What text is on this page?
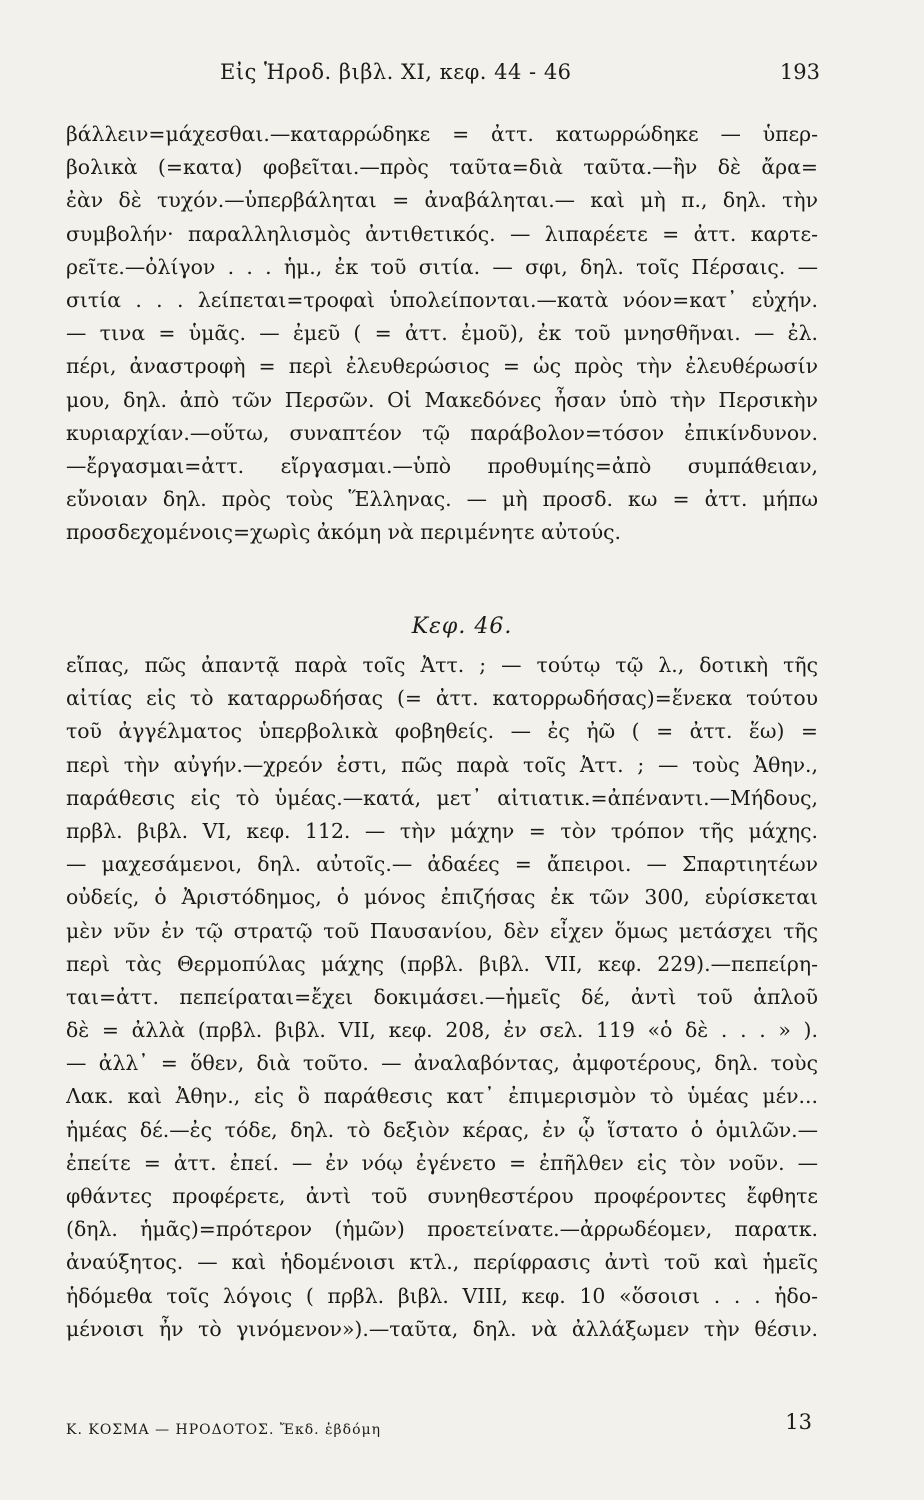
Εἰς Ἡροδ. βιβλ. XI, κεφ. 44 - 46	193
βάλλειν=μάχεσθαι.—καταρρώδηκε = ἀττ. κατωρρώδηκε — ὑπερ-
βολικὰ (=κατα) φοβεῖται.—πρὸς ταῦτα=διὰ ταῦτα.—ἢν δὲ ἄρα=
ἐὰν δὲ τυχόν.—ὑπερβάληται = ἀναβάληται.— καὶ μὴ π., δηλ. τὴν
συμβολήν· παραλληλισμὸς ἀντιθετικός. — λιπαρέετε = ἀττ. καρτε-
ρεῖτε.—ὀλίγον . . . ἡμ., ἐκ τοῦ σιτία. — σφι, δηλ. τοῖς Πέρσαις. —
σιτία . . . λείπεται=τροφαὶ ὑπολείπονται.—κατὰ νόον=κατ᾽ εὐχήν.
— τινα = ὑμᾶς. — ἐμεῦ ( = ἀττ. ἐμοῦ), ἐκ τοῦ μνησθῆναι. — ἐλ.
πέρι, ἀναστροφὴ = περὶ ἐλευθερώσιος = ὡς πρὸς τὴν ἐλευθέρωσίν
μου, δηλ. ἀπὸ τῶν Περσῶν. Οἱ Μακεδόνες ἦσαν ὑπὸ τὴν Περσικὴν
κυριαρχίαν.—οὕτω, συναπτέον τῷ παράβολον=τόσον ἐπικίνδυνον.
—ἔργασμαι=ἀττ. εἴργασμαι.—ὑπὸ προθυμίης=ἀπὸ συμπάθειαν,
εὔνοιαν δηλ. πρὸς τοὺς Ἕλληνας. — μὴ προσδ. κω = ἀττ. μήπω
προσδεχομένοις=χωρὶς ἀκόμη νὰ περιμένητε αὐτούς.
Κεφ. 46.
εἴπας, πῶς ἀπαντᾷ παρὰ τοῖς Ἀττ. ; — τούτῳ τῷ λ., δοτικὴ τῆς
αἰτίας εἰς τὸ καταρρωδήσας (= ἀττ. κατορρωδήσας)=ἕνεκα τούτου
τοῦ ἀγγέλματος ὑπερβολικὰ φοβηθείς. — ἐς ἠῶ ( = ἀττ. ἕω) =
περὶ τὴν αὐγήν.—χρεόν ἐστι, πῶς παρὰ τοῖς Ἀττ. ; — τοὺς Ἀθην.,
παράθεσις εἰς τὸ ὑμέας.—κατά, μετ᾽ αἰτιατικ.=ἀπέναντι.—Μήδους,
πρβλ. βιβλ. VI, κεφ. 112. — τὴν μάχην = τὸν τρόπον τῆς μάχης.
— μαχεσάμενοι, δηλ. αὐτοῖς.— ἀδαέες = ἄπειροι. — Σπαρτιητέων
οὐδείς, ὁ Ἀριστόδημος, ὁ μόνος ἐπιζήσας ἐκ τῶν 300, εὑρίσκεται
μὲν νῦν ἐν τῷ στρατῷ τοῦ Παυσανίου, δὲν εἶχεν ὅμως μετάσχει τῆς
περὶ τὰς Θερμοπύλας μάχης (πρβλ. βιβλ. VII, κεφ. 229).—πεπείρη-
ται=ἀττ. πεπείραται=ἔχει δοκιμάσει.—ἡμεῖς δέ, ἀντὶ τοῦ ἁπλοῦ
δὲ = ἀλλὰ (πρβλ. βιβλ. VII, κεφ. 208, ἐν σελ. 119 «ὁ δὲ . . . » ).
— ἀλλ᾽ = ὅθεν, διὰ τοῦτο. — ἀναλαβόντας, ἀμφοτέρους, δηλ. τοὺς
Λακ. καὶ Ἀθην., εἰς ὃ παράθεσις κατ᾽ ἐπιμερισμὸν τὸ ὑμέας μέν...
ἡμέας δέ.—ἐς τόδε, δηλ. τὸ δεξιὸν κέρας, ἐν ᾧ ἵστατο ὁ ὁμιλῶν.—
ἐπείτε = ἀττ. ἐπεί. — ἐν νόῳ ἐγένετο = ἐπῆλθεν εἰς τὸν νοῦν. —
φθάντες προφέρετε, ἀντὶ τοῦ συνηθεστέρου προφέροντες ἔφθητε
(δηλ. ἡμᾶς)=πρότερον (ἡμῶν) προετείνατε.—ἀρρωδέομεν, παρατκ.
ἀναύξητος. — καὶ ἡδομένοισι κτλ., περίφρασις ἀντὶ τοῦ καὶ ἡμεῖς
ἡδόμεθα τοῖς λόγοις ( πρβλ. βιβλ. VIII, κεφ. 10 «ὅσοισι . . . ἡδο-
μένοισι ἦν τὸ γινόμενον»).—ταῦτα, δηλ. νὰ ἀλλάξωμεν τὴν θέσιν.
Κ. ΚΟΣΜΑ — ΗΡΟΔΟΤΟΣ. Ἔκδ. ἑβδόμη	13
